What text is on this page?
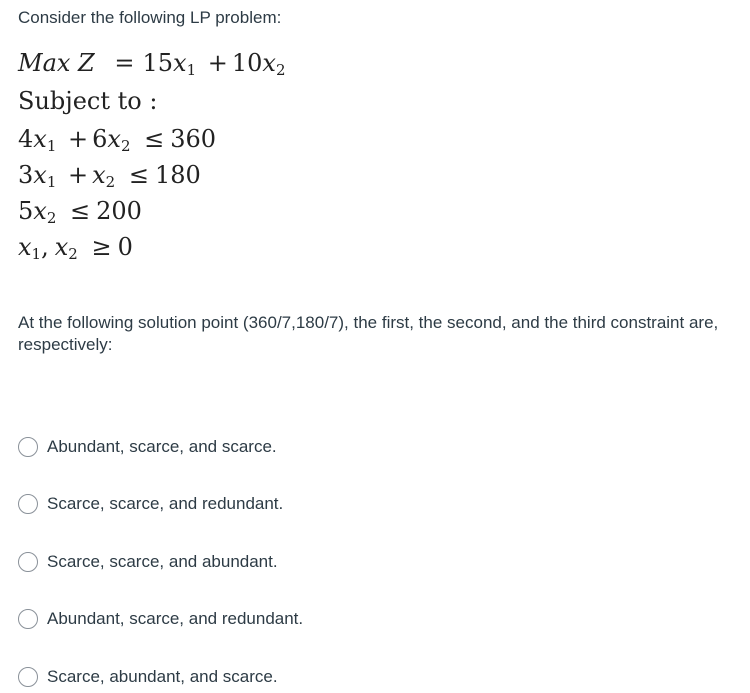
Consider the following LP problem:

Max $Z = 15x_1 + 10x_2$
Subject to :
$4x_1 + 6x_2 \le 360$
$3x_1 + x_2 \le 180$
$5x_2 \le 200$
$x_1$, $x_2 \ge 0$

At the following solution point (360/7,180/7), the first, the second, and the third constraint are, respectively:

Abundant, scarce, and scarce.
Scarce, scarce, and redundant.
Scarce, scarce, and abundant.
Abundant, scarce, and redundant.
Scarce, abundant, and scarce.
